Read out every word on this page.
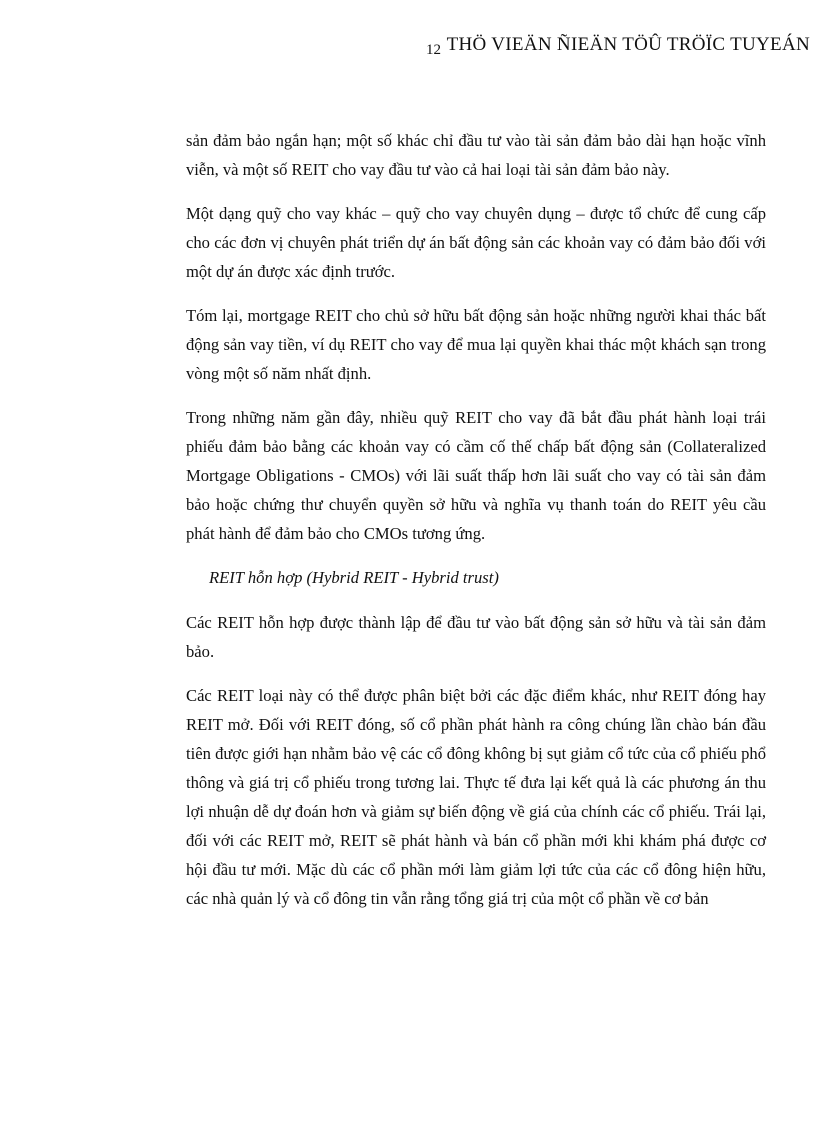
12 THÖ VIEÄN ÑIEÄN TÖÛ TRÖÏC TUYEÁN

sản đảm bảo ngắn hạn; một số khác chỉ đầu tư vào tài sản đảm bảo dài hạn hoặc vĩnh viễn, và một số REIT cho vay đầu tư vào cả hai loại tài sản đảm bảo này.

Một dạng quỹ cho vay khác – quỹ cho vay chuyên dụng – được tổ chức để cung cấp cho các đơn vị chuyên phát triển dự án bất động sản các khoản vay có đảm bảo đối với một dự án được xác định trước.

Tóm lại, mortgage REIT cho chủ sở hữu bất động sản hoặc những người khai thác bất động sản vay tiền, ví dụ REIT cho vay để mua lại quyền khai thác một khách sạn trong vòng một số năm nhất định.

Trong những năm gần đây, nhiều quỹ REIT cho vay đã bắt đầu phát hành loại trái phiếu đảm bảo bằng các khoản vay có cầm cố thế chấp bất động sản (Collateralized Mortgage Obligations - CMOs) với lãi suất thấp hơn lãi suất cho vay có tài sản đảm bảo hoặc chứng thư chuyển quyền sở hữu và nghĩa vụ thanh toán do REIT yêu cầu phát hành để đảm bảo cho CMOs tương ứng.

REIT hỗn hợp (Hybrid REIT - Hybrid trust)

Các REIT hỗn hợp được thành lập để đầu tư vào bất động sản sở hữu và tài sản đảm bảo.

Các REIT loại này có thể được phân biệt bởi các đặc điểm khác, như REIT đóng hay REIT mở. Đối với REIT đóng, số cổ phần phát hành ra công chúng lần chào bán đầu tiên được giới hạn nhằm bảo vệ các cổ đông không bị sụt giảm cổ tức của cổ phiếu phổ thông và giá trị cổ phiếu trong tương lai. Thực tế đưa lại kết quả là các phương án thu lợi nhuận dễ dự đoán hơn và giảm sự biến động về giá của chính các cổ phiếu. Trái lại, đối với các REIT mở, REIT sẽ phát hành và bán cổ phần mới khi khám phá được cơ hội đầu tư mới. Mặc dù các cổ phần mới làm giảm lợi tức của các cổ đông hiện hữu, các nhà quản lý và cổ đông tin vẫn rằng tổng giá trị của một cổ phần về cơ bản
